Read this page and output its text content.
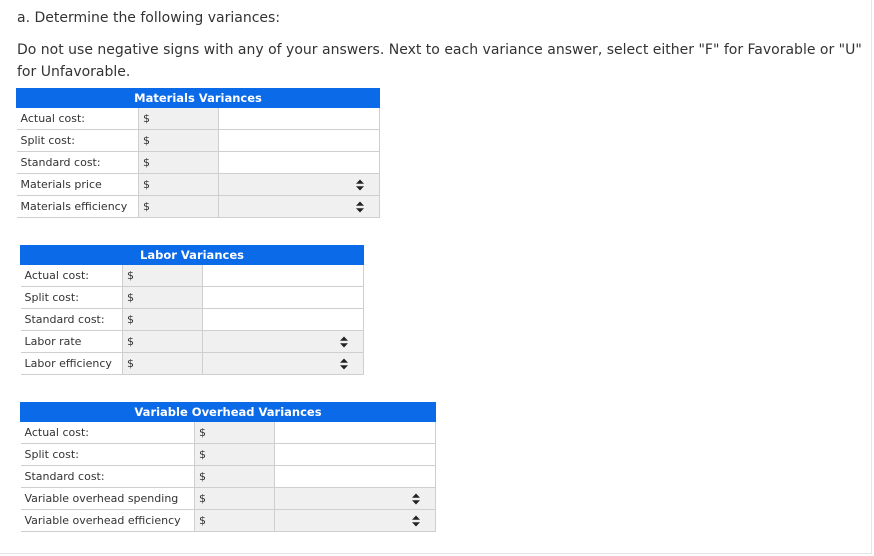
a. Determine the following variances:
Do not use negative signs with any of your answers. Next to each variance answer, select either "F" for Favorable or "U" for Unfavorable.
Materials Variances		
Actual cost:	$	
Split cost:	$	
Standard cost:	$	
Materials price	$	

Materials efficiency	$	
Labor Variances		
Actual cost:	$	
Split cost:	$	
Standard cost:	$	
Labor rate	$	

Labor efficiency	$	
Variable Overhead Variances		
Actual cost:	$	
Split cost:	$	
Standard cost:	$	
Variable overhead spending	$	

Variable overhead efficiency	$	
